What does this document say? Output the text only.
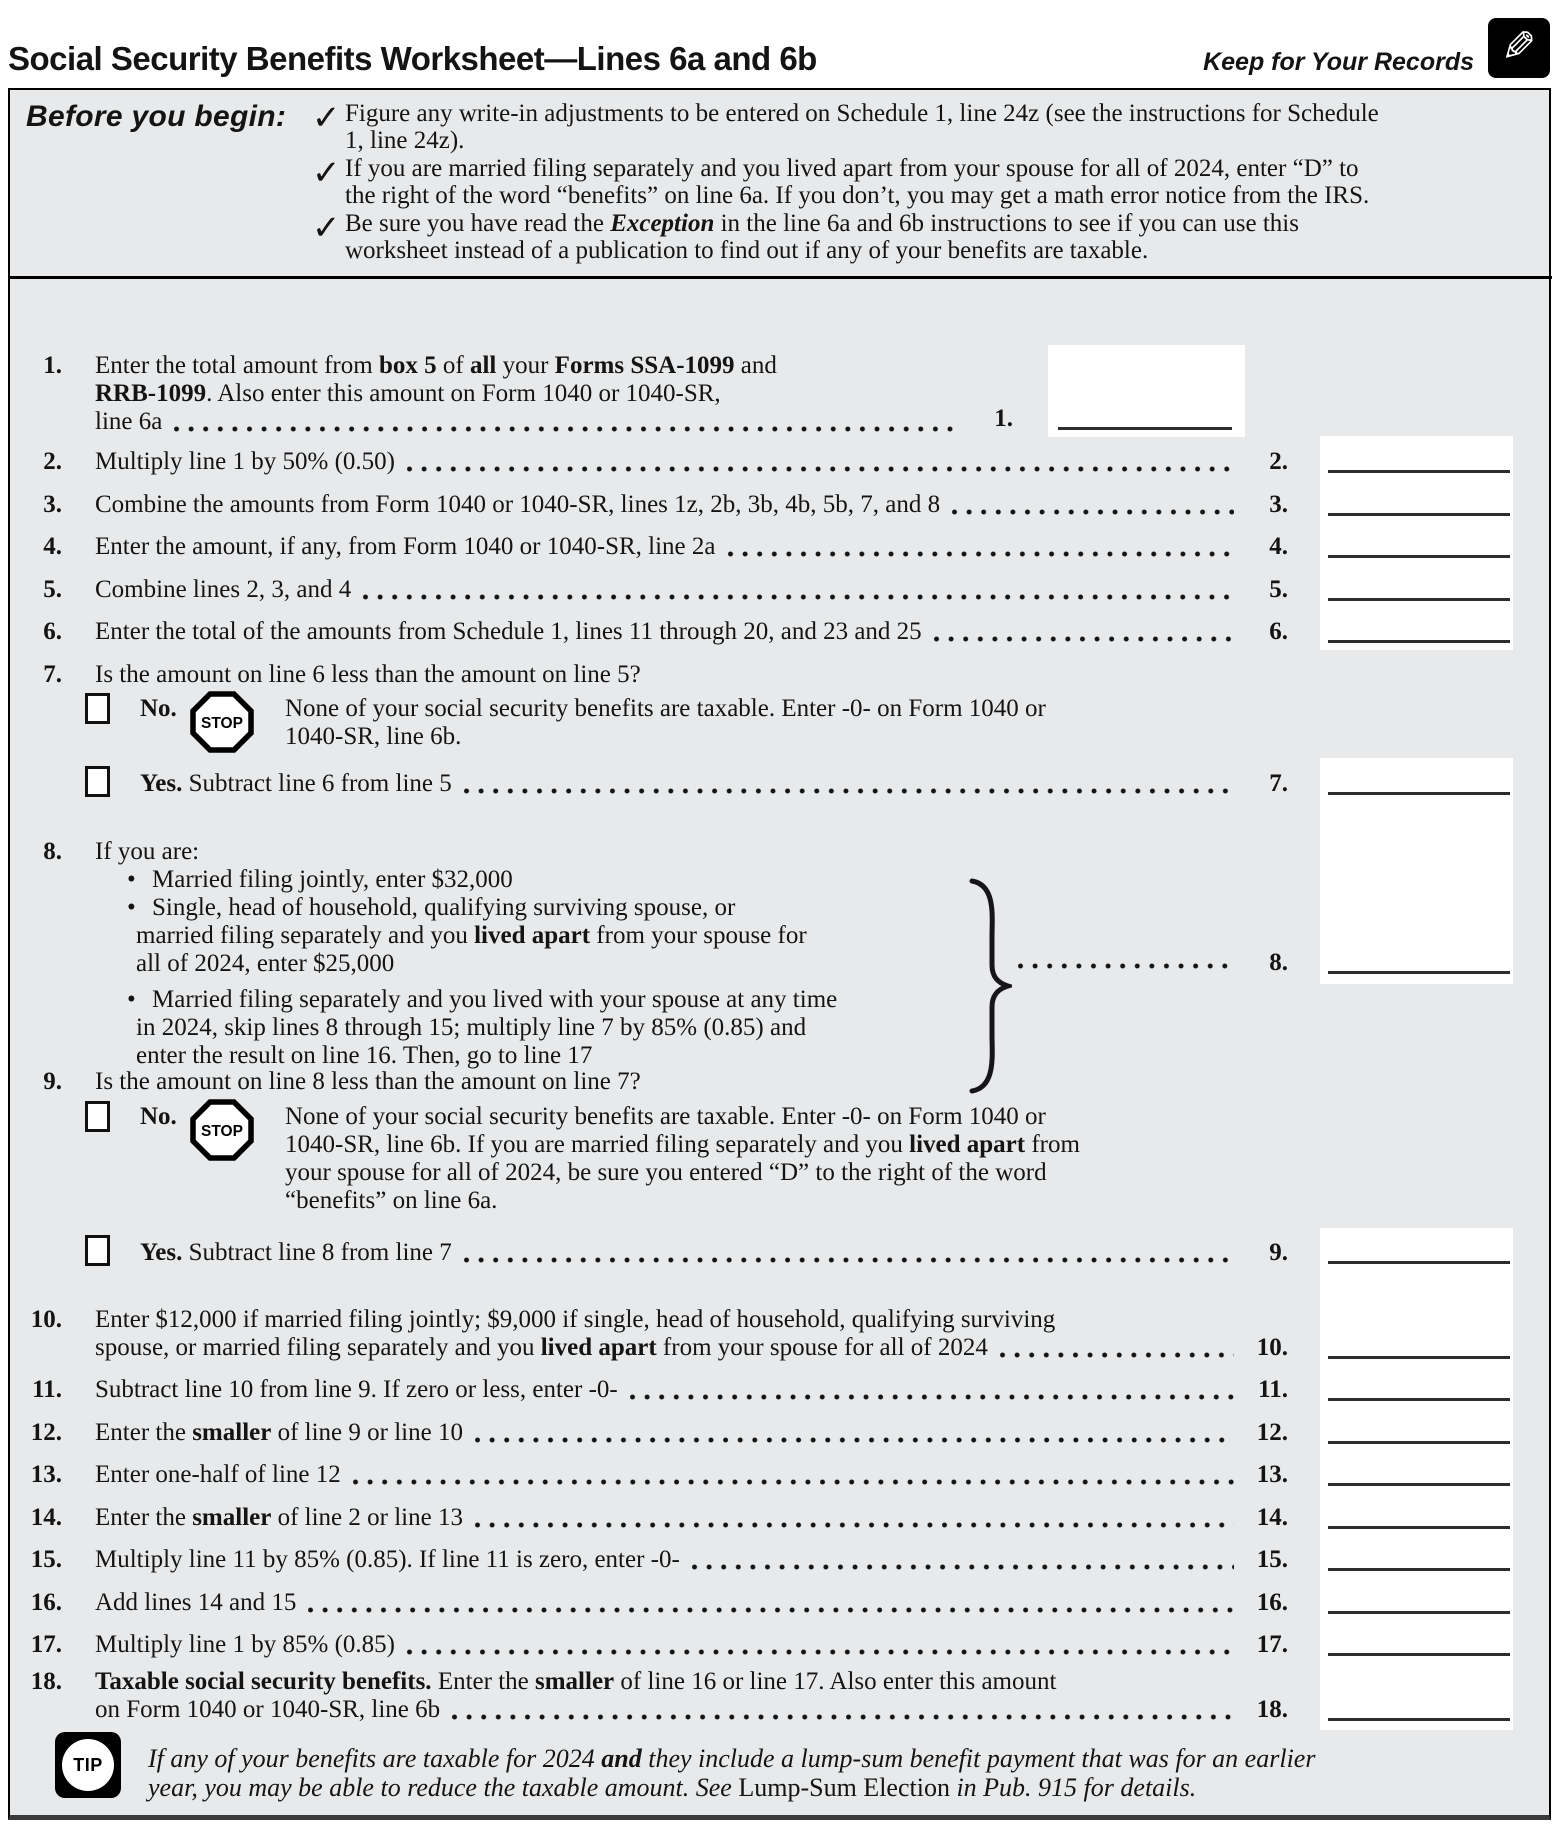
Social Security Benefits Worksheet—Lines 6a and 6b	Keep for Your Records ✎
Before you begin: ✓ Figure any write-in adjustments to be entered on Schedule 1, line 24z (see the instructions for Schedule
1, line 24z).
✓ If you are married filing separately and you lived apart from your spouse for all of 2024, enter “D” to
the right of the word “benefits” on line 6a. If you don’t, you may get a math error notice from the IRS.
✓ Be sure you have read the Exception in the line 6a and 6b instructions to see if you can use this
worksheet instead of a publication to find out if any of your benefits are taxable.
1. Enter the total amount from box 5 of all your Forms SSA-1099 and
RRB-1099. Also enter this amount on Form 1040 or 1040-SR,
line 6a	1.
2. Multiply line 1 by 50% (0.50)	2.
3. Combine the amounts from Form 1040 or 1040-SR, lines 1z, 2b, 3b, 4b, 5b, 7, and 8	3.
4. Enter the amount, if any, from Form 1040 or 1040-SR, line 2a	4.
5. Combine lines 2, 3, and 4	5.
6. Enter the total of the amounts from Schedule 1, lines 11 through 20, and 23 and 25	6.
7. Is the amount on line 6 less than the amount on line 5?
No.
STOP
None of your social security benefits are taxable. Enter -0- on Form 1040 or
1040-SR, line 6b.
Yes. Subtract line 6 from line 5	7.
8. If you are:
• Married filing jointly, enter $32,000
• Single, head of household, qualifying surviving spouse, or
married filing separately and you lived apart from your spouse for
all of 2024, enter $25,000
• Married filing separately and you lived with your spouse at any time
in 2024, skip lines 8 through 15; multiply line 7 by 85% (0.85) and
enter the result on line 16. Then, go to line 17
8.
9. Is the amount on line 8 less than the amount on line 7?
No.
STOP
None of your social security benefits are taxable. Enter -0- on Form 1040 or
1040-SR, line 6b. If you are married filing separately and you lived apart from
your spouse for all of 2024, be sure you entered “D” to the right of the word
“benefits” on line 6a.
Yes. Subtract line 8 from line 7	9.
10. Enter $12,000 if married filing jointly; $9,000 if single, head of household, qualifying surviving
spouse, or married filing separately and you lived apart from your spouse for all of 2024	10.
11. Subtract line 10 from line 9. If zero or less, enter -0-	11.
12. Enter the smaller of line 9 or line 10	12.
13. Enter one-half of line 12	13.
14. Enter the smaller of line 2 or line 13	14.
15. Multiply line 11 by 85% (0.85). If line 11 is zero, enter -0-	15.
16. Add lines 14 and 15	16.
17. Multiply line 1 by 85% (0.85)	17.
18. Taxable social security benefits. Enter the smaller of line 16 or line 17. Also enter this amount
on Form 1040 or 1040-SR, line 6b	18.
TIP If any of your benefits are taxable for 2024 and they include a lump-sum benefit payment that was for an earlier
year, you may be able to reduce the taxable amount. See Lump-Sum Election in Pub. 915 for details.
